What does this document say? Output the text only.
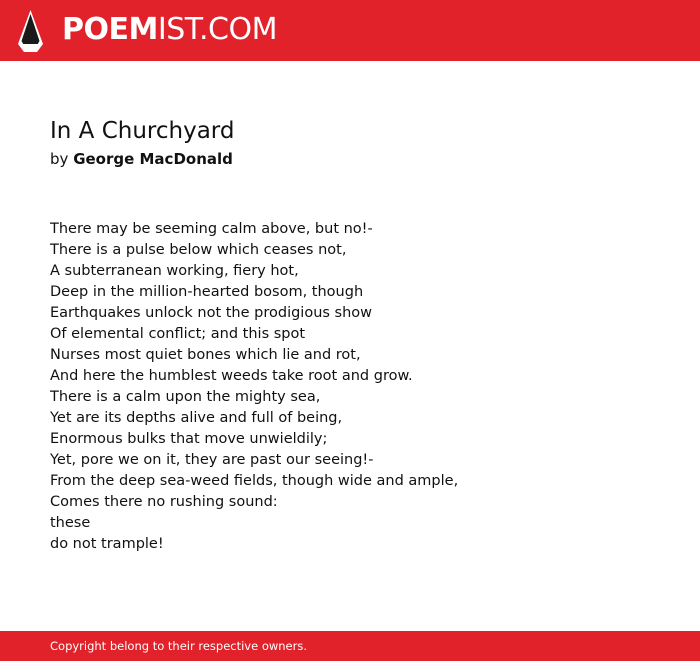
POEMIST.COM
In A Churchyard
by George MacDonald
There may be seeming calm above, but no!-
There is a pulse below which ceases not,
A subterranean working, fiery hot,
Deep in the million-hearted bosom, though
Earthquakes unlock not the prodigious show
Of elemental conflict; and this spot
Nurses most quiet bones which lie and rot,
And here the humblest weeds take root and grow.
There is a calm upon the mighty sea,
Yet are its depths alive and full of being,
Enormous bulks that move unwieldily;
Yet, pore we on it, they are past our seeing!-
From the deep sea-weed fields, though wide and ample,
Comes there no rushing sound:
these
do not trample!
Copyright belong to their respective owners.
